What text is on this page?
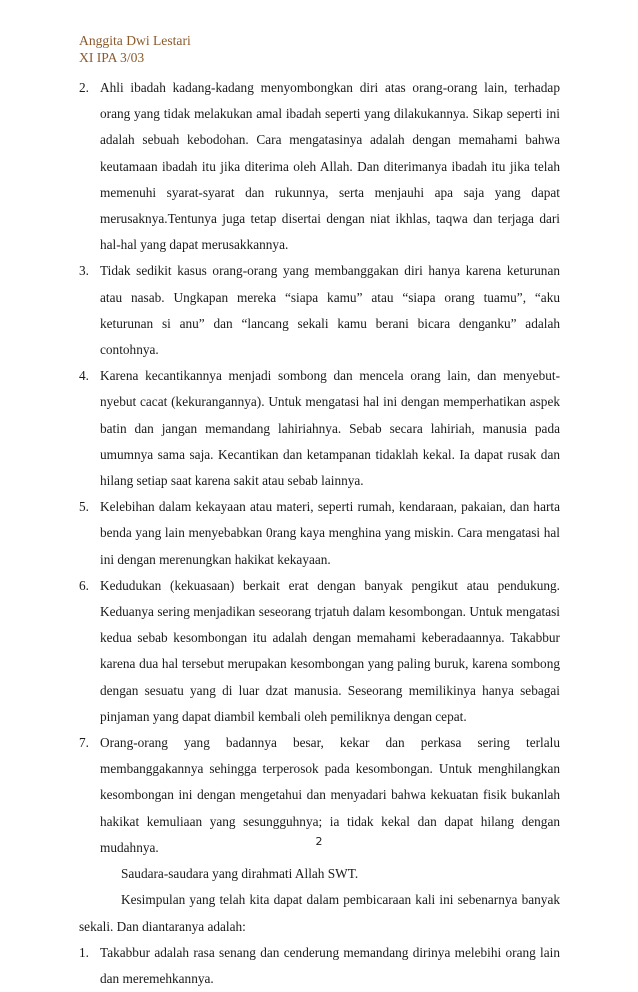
Anggita Dwi Lestari
XI IPA 3/03
2. Ahli ibadah kadang-kadang menyombongkan diri atas orang-orang lain, terhadap orang yang tidak melakukan amal ibadah seperti yang dilakukannya. Sikap seperti ini adalah sebuah kebodohan. Cara mengatasinya adalah dengan memahami bahwa keutamaan ibadah itu jika diterima oleh Allah. Dan diterimanya ibadah itu jika telah memenuhi syarat-syarat dan rukunnya, serta menjauhi apa saja yang dapat merusaknya.Tentunya juga tetap disertai dengan niat ikhlas, taqwa dan terjaga dari hal-hal yang dapat merusakkannya.
3. Tidak sedikit kasus orang-orang yang membanggakan diri hanya karena keturunan atau nasab. Ungkapan mereka “siapa kamu” atau “siapa orang tuamu”, “aku keturunan si anu” dan “lancang sekali kamu berani bicara denganku” adalah contohnya.
4. Karena kecantikannya menjadi sombong dan mencela orang lain, dan menyebut-nyebut cacat (kekurangannya). Untuk mengatasi hal ini dengan memperhatikan aspek batin dan jangan memandang lahiriahnya. Sebab secara lahiriah, manusia pada umumnya sama saja. Kecantikan dan ketampanan tidaklah kekal. Ia dapat rusak dan hilang setiap saat karena sakit atau sebab lainnya.
5. Kelebihan dalam kekayaan atau materi, seperti rumah, kendaraan, pakaian, dan harta benda yang lain menyebabkan 0rang kaya menghina yang miskin. Cara mengatasi hal ini dengan merenungkan hakikat kekayaan.
6. Kedudukan (kekuasaan) berkait erat dengan banyak pengikut atau pendukung. Keduanya sering menjadikan seseorang trjatuh dalam kesombongan. Untuk mengatasi kedua sebab kesombongan itu adalah dengan memahami keberadaannya. Takabbur karena dua hal tersebut merupakan kesombongan yang paling buruk, karena sombong dengan sesuatu yang di luar dzat manusia. Seseorang memilikinya hanya sebagai pinjaman yang dapat diambil kembali oleh pemiliknya dengan cepat.
7. Orang-orang yang badannya besar, kekar dan perkasa sering terlalu membanggakannya sehingga terperosok pada kesombongan. Untuk menghilangkan kesombongan ini dengan mengetahui dan menyadari bahwa kekuatan fisik bukanlah hakikat kemuliaan yang sesungguhnya; ia tidak kekal dan dapat hilang dengan mudahnya.
Saudara-saudara yang dirahmati Allah SWT.
Kesimpulan yang telah kita dapat dalam pembicaraan kali ini sebenarnya banyak
sekali. Dan diantaranya adalah:
1. Takabbur adalah rasa senang dan cenderung memandang dirinya melebihi orang lain dan meremehkannya.
2
